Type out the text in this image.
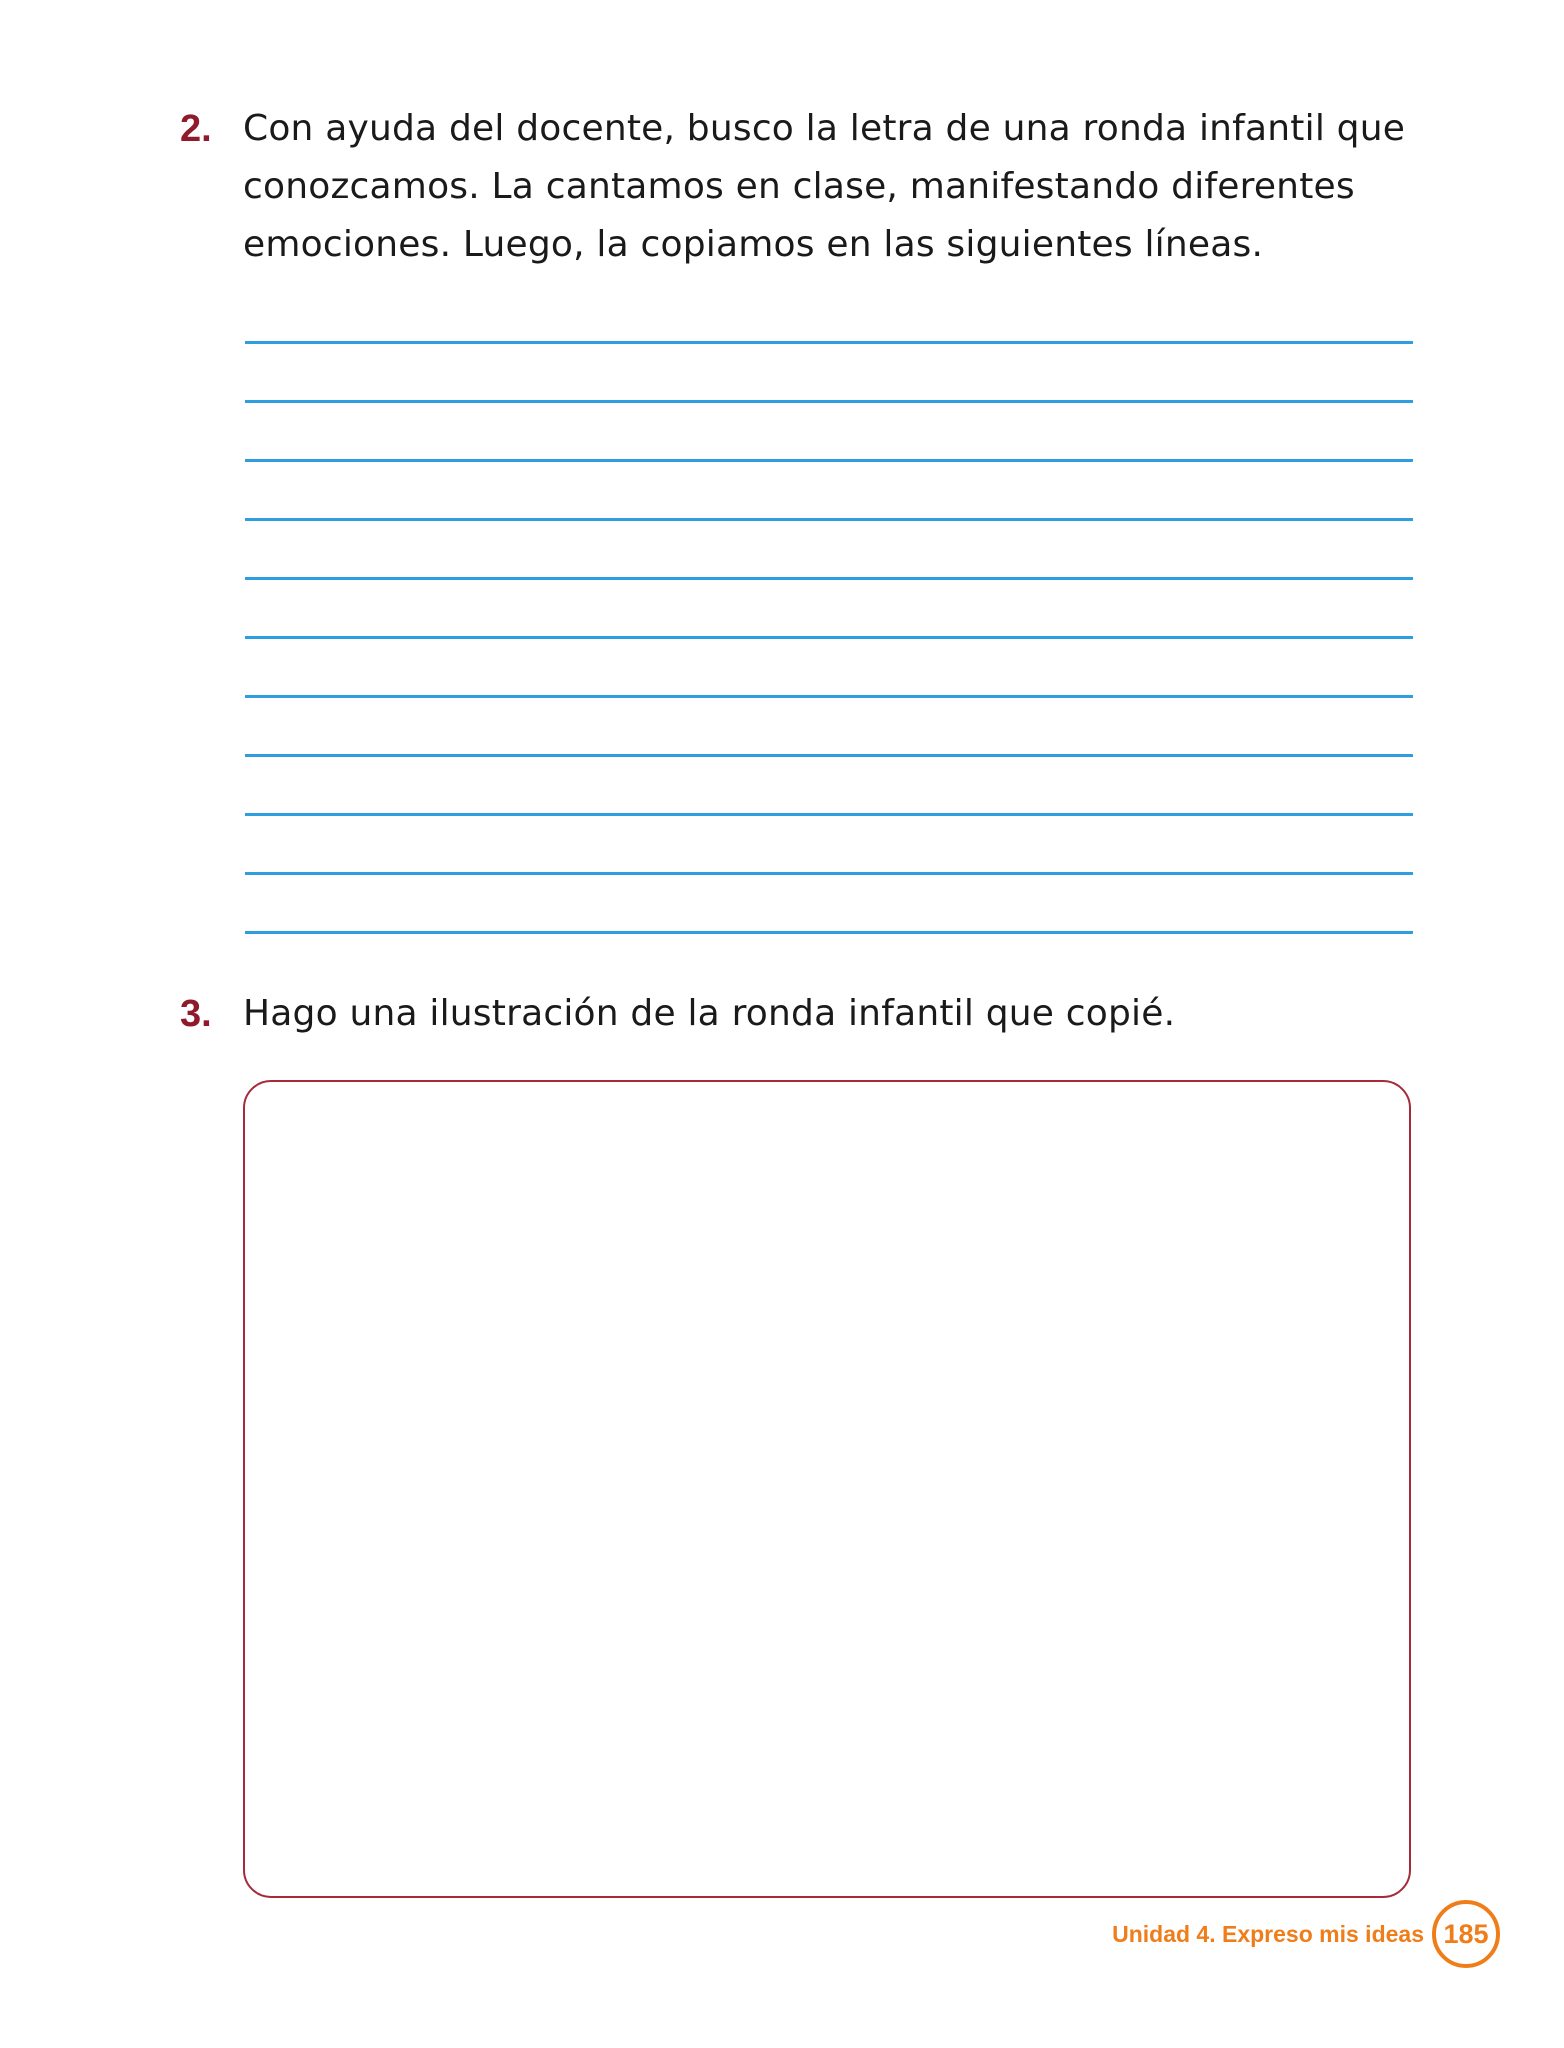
2. Con ayuda del docente, busco la letra de una ronda infantil que
conozcamos. La cantamos en clase, manifestando diferentes
emociones. Luego, la copiamos en las siguientes líneas.
3. Hago una ilustración de la ronda infantil que copié.
Unidad 4. Expreso mis ideas 185
